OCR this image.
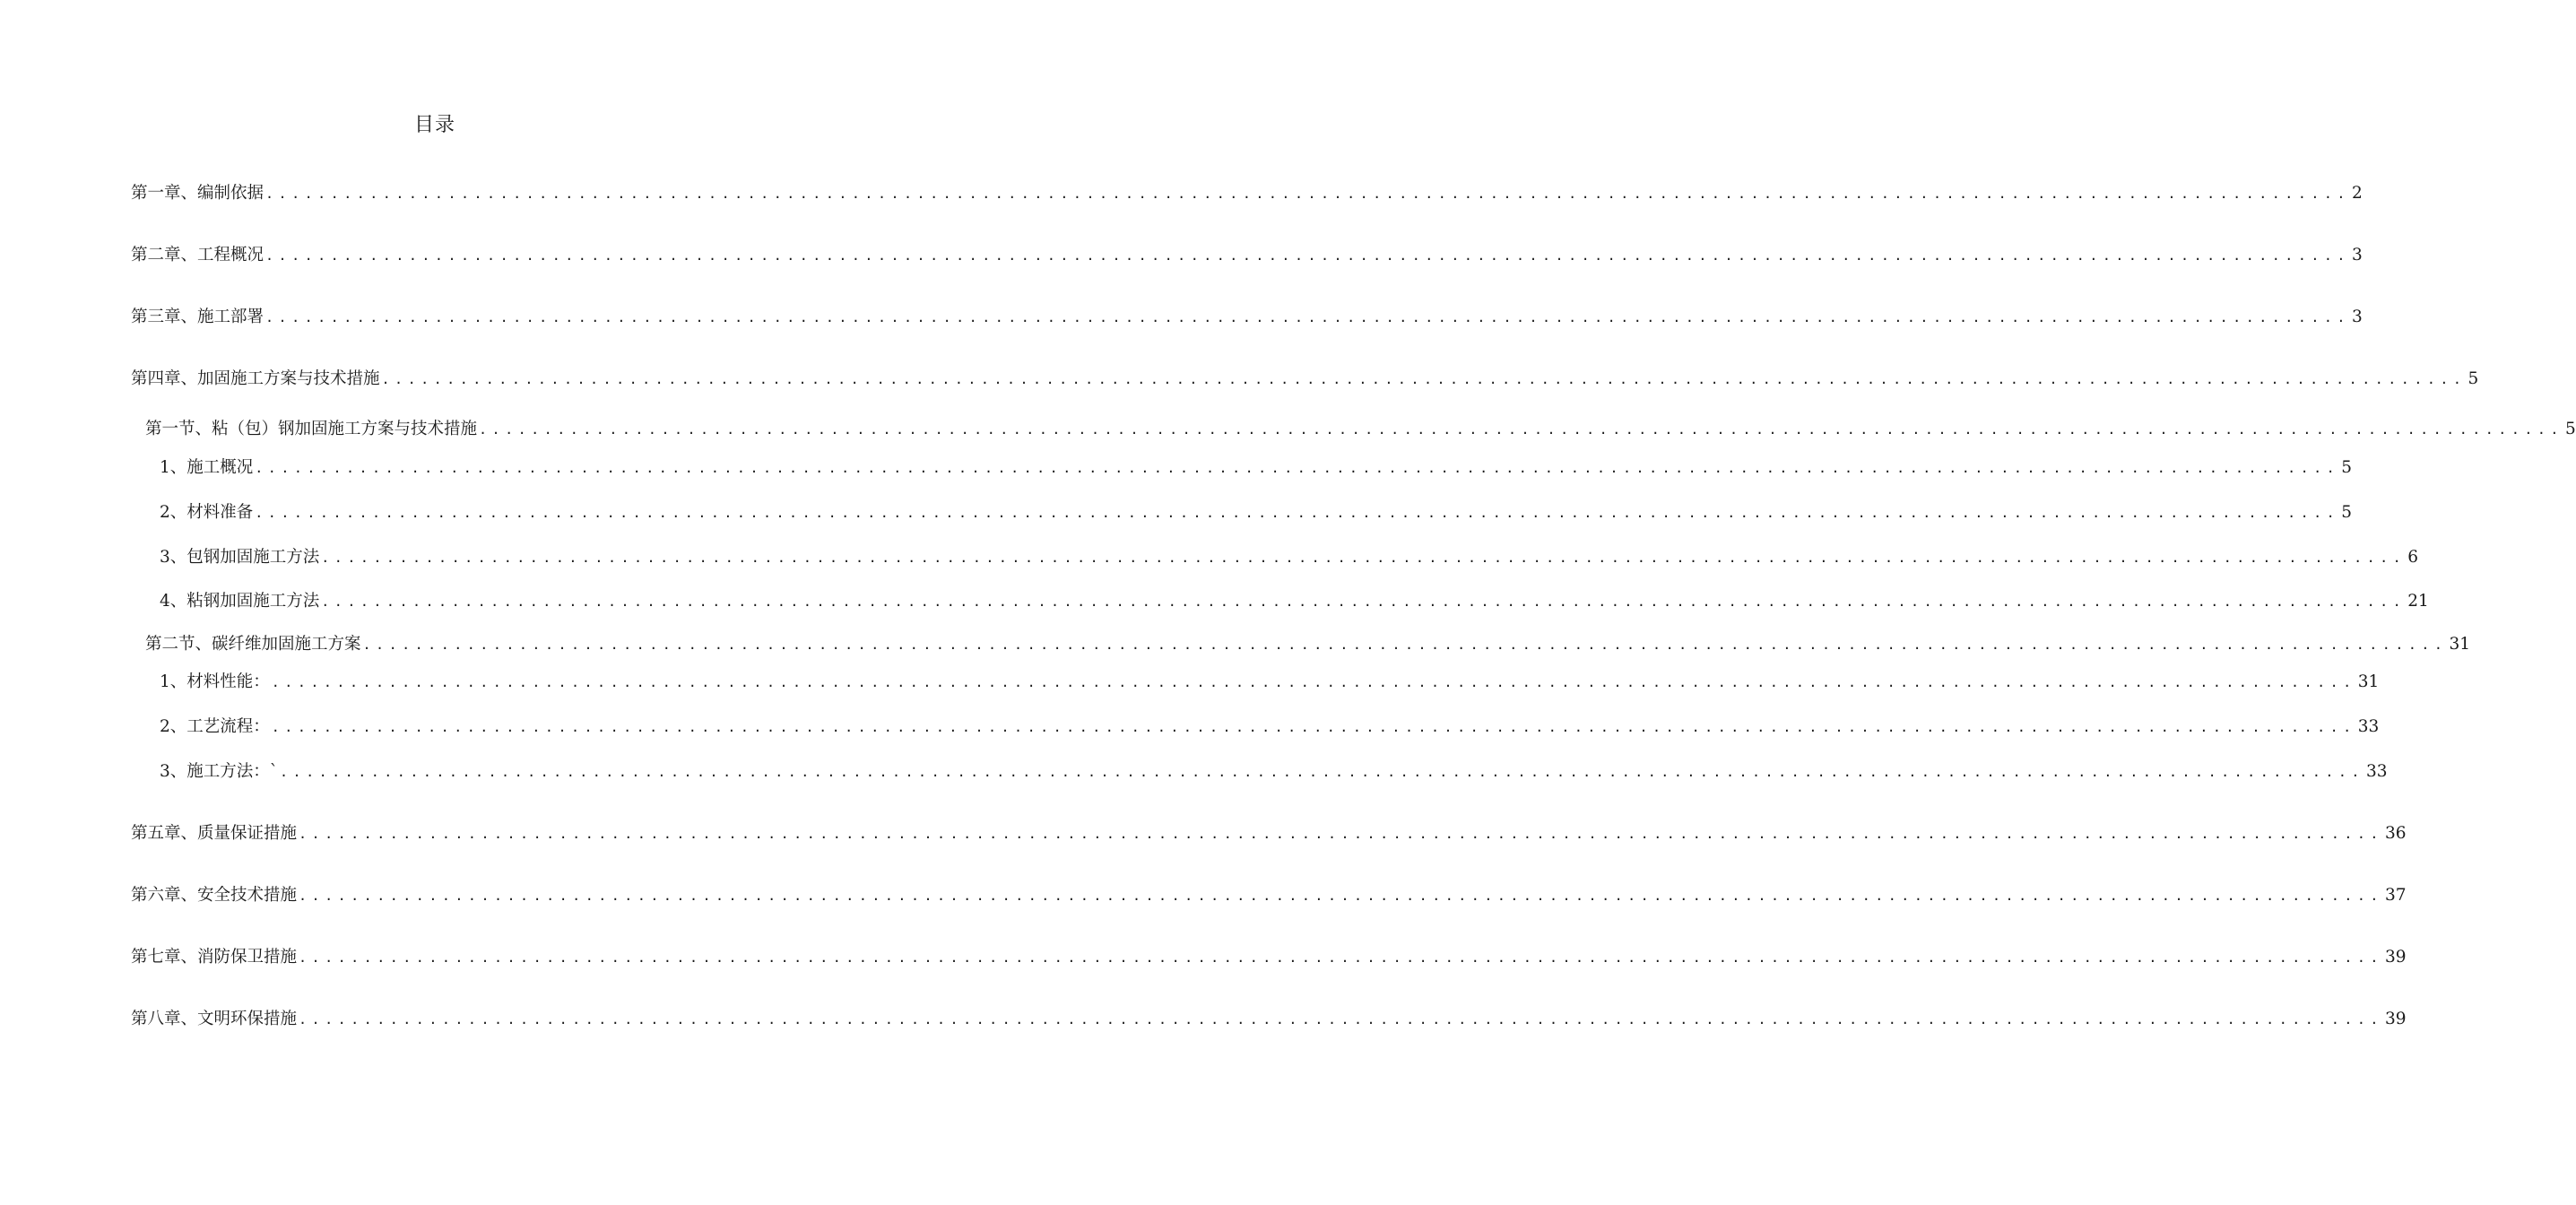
目录
第一章、编制依据 ................................................................................................................................................................ 2
第二章、工程概况 ................................................................................................................................................................ 3
第三章、施工部署 ................................................................................................................................................................ 3
第四章、加固施工方案与技术措施 ................................................................................................................................................................ 5
第一节、粘（包）钢加固施工方案与技术措施 ................................................................................................................................................................ 5
1、施工概况 ................................................................................................................................................................ 5
2、材料准备 ................................................................................................................................................................ 5
3、包钢加固施工方法 ................................................................................................................................................................ 6
4、粘钢加固施工方法 ................................................................................................................................................................ 21
第二节、碳纤维加固施工方案 ................................................................................................................................................................ 31
1、材料性能： ................................................................................................................................................................ 31
2、工艺流程： ................................................................................................................................................................ 33
3、施工方法：` ................................................................................................................................................................ 33
第五章、质量保证措施 ................................................................................................................................................................ 36
第六章、安全技术措施 ................................................................................................................................................................ 37
第七章、消防保卫措施 ................................................................................................................................................................ 39
第八章、文明环保措施 ................................................................................................................................................................ 39
